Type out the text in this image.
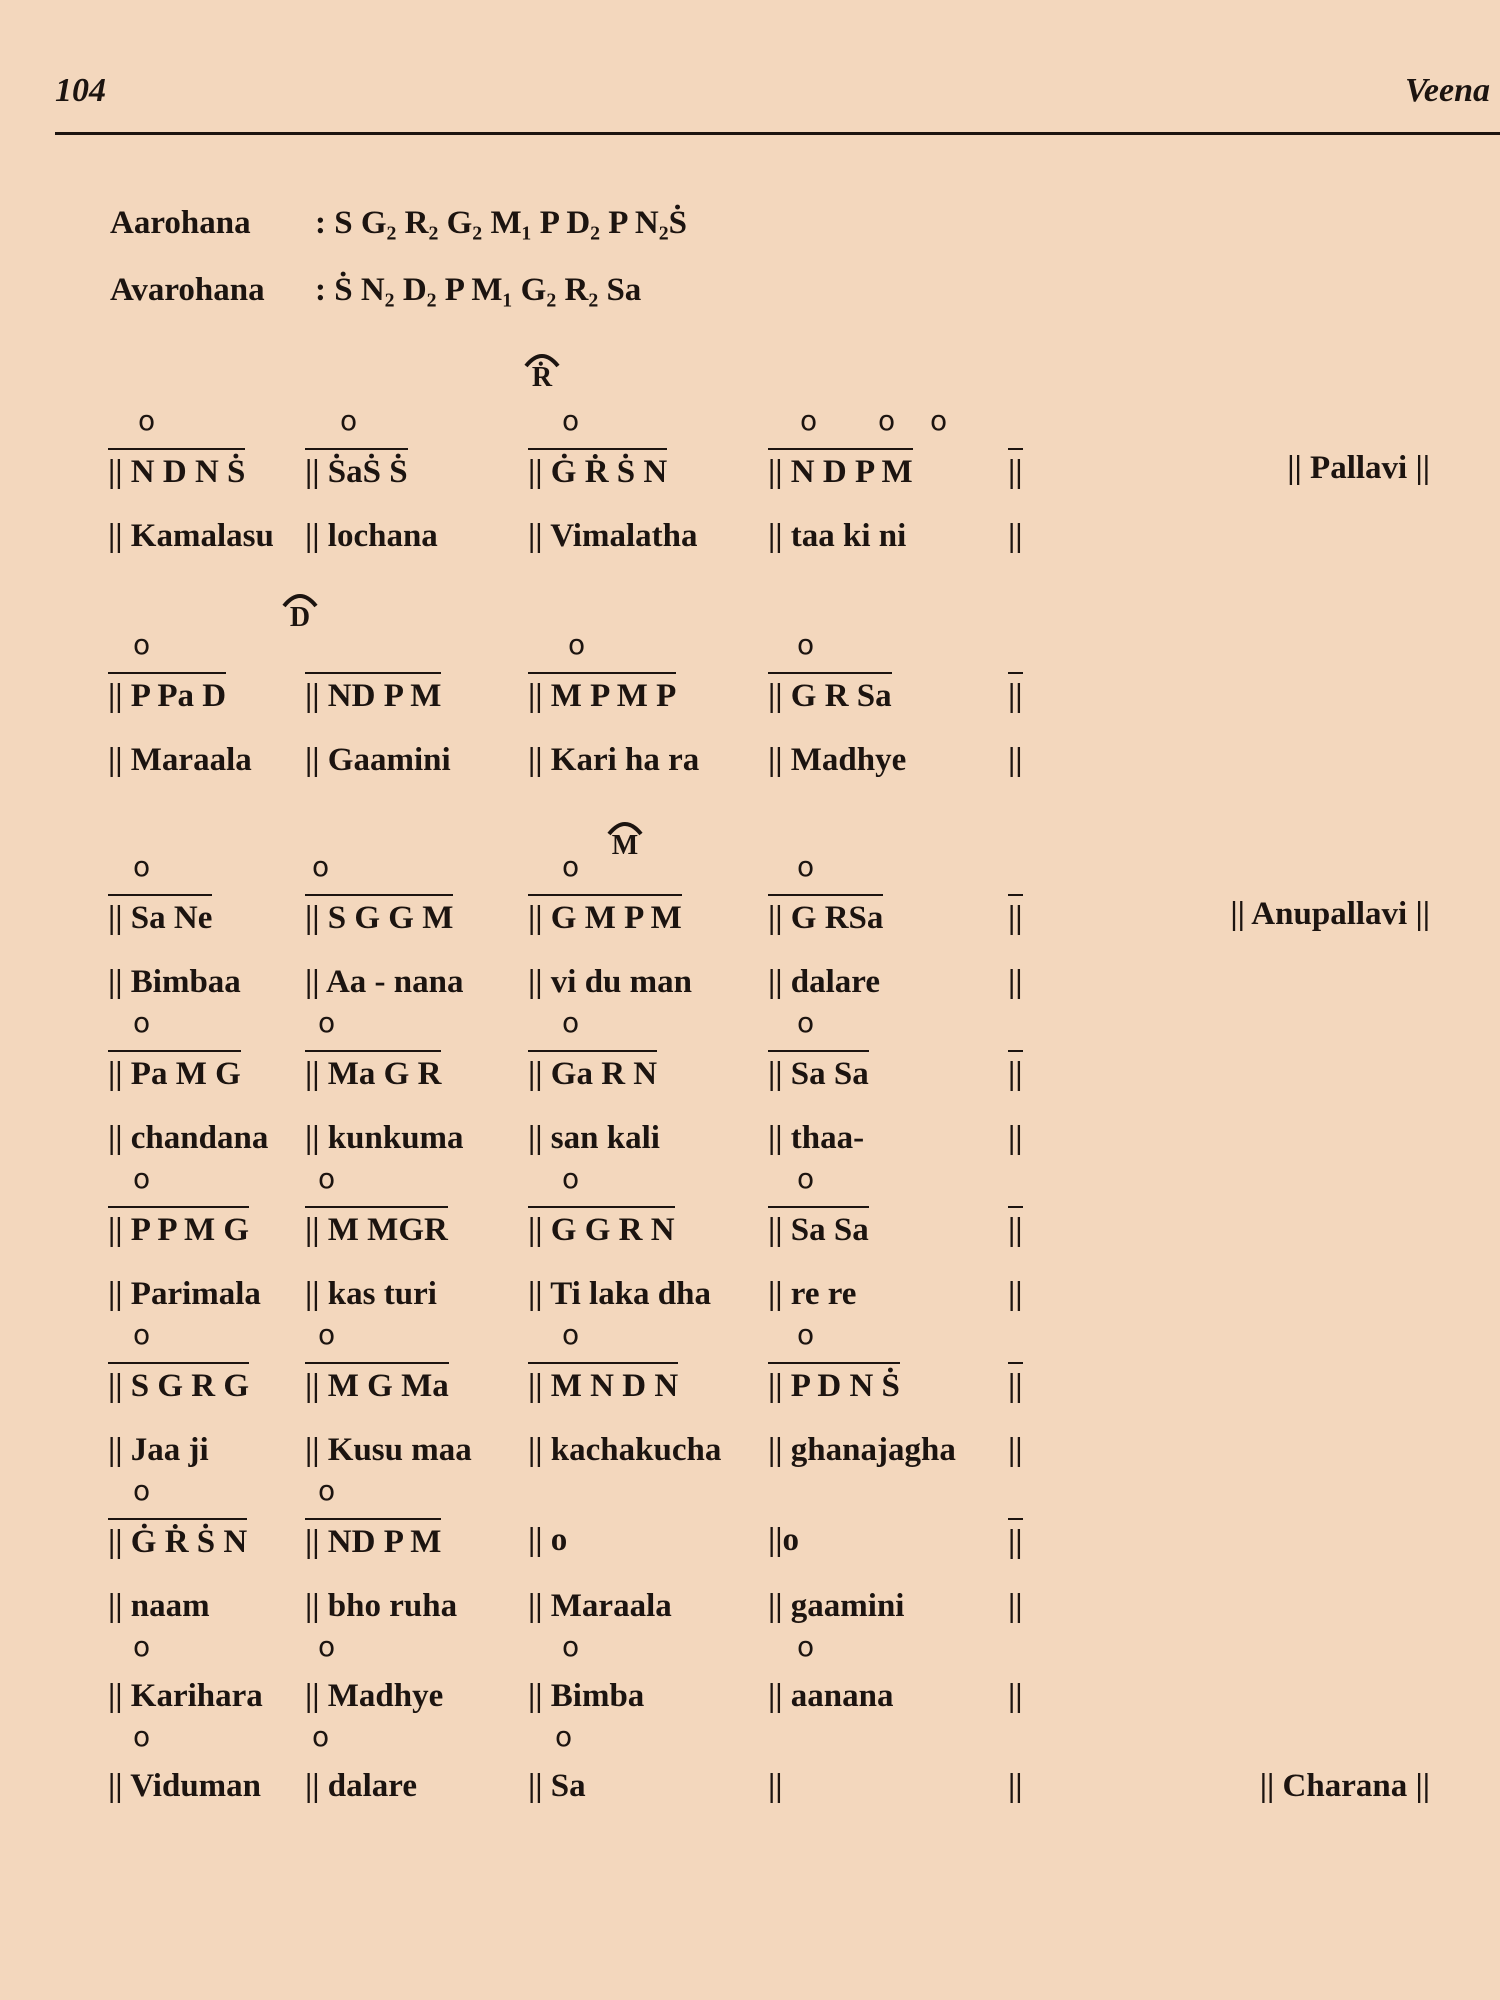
104	Veena
Aarohana : S G₂ R₂ G₂ M₁ P D₂ P N₂Ṡ
Avarohana : Ṡ N₂ D₂ P M₁ G₂ R₂ Sa
Ṙ
D
M
o	o	o	o o o
o	o	o
o	o	o	o
o	o	o	o
o	o	o	o
o	o	o	o
o	o
o	o	o	o
o	o	o
|| N D N Ṡ || ṠaṠ Ṡ	|| Ġ Ṙ Ṡ N	|| N D P M	||	|| Pallavi ||
|| Kamalasu || lochana	|| Vimalatha || taa ki ni	||
|| P Pa D || ND P M	|| M P M P	|| G R Sa	||
|| Maraala || Gaamini || Kari ha ra || Madhye	||
|| Sa Ne	|| S G G M || G M P M	|| G RSa	||	|| Anupallavi ||
|| Bimbaa || Aa - nana || vi du man || dalare	||
|| Pa M G || Ma G R	|| Ga R N	|| Sa Sa	||
|| chandana || kunkuma || san kali	|| thaa-	||
|| P P M G || M MGR || G G R N	|| Sa Sa	||
|| Parimala || kas turi	|| Ti laka dha || re re	||
|| S G R G || M G Ma || M N D N	|| P D N Ṡ	||
|| Jaa ji	|| Kusu maa || kachakucha || ghanajagha ||
|| Ġ Ṙ Ṡ N || ND P M	|| o	||o	||
|| naam	|| bho ruha || Maraala	|| gaamini	||
|| Karihara || Madhye	|| Bimba	|| aanana	||
|| Viduman || dalare	|| Sa	||	||	|| Charana ||
